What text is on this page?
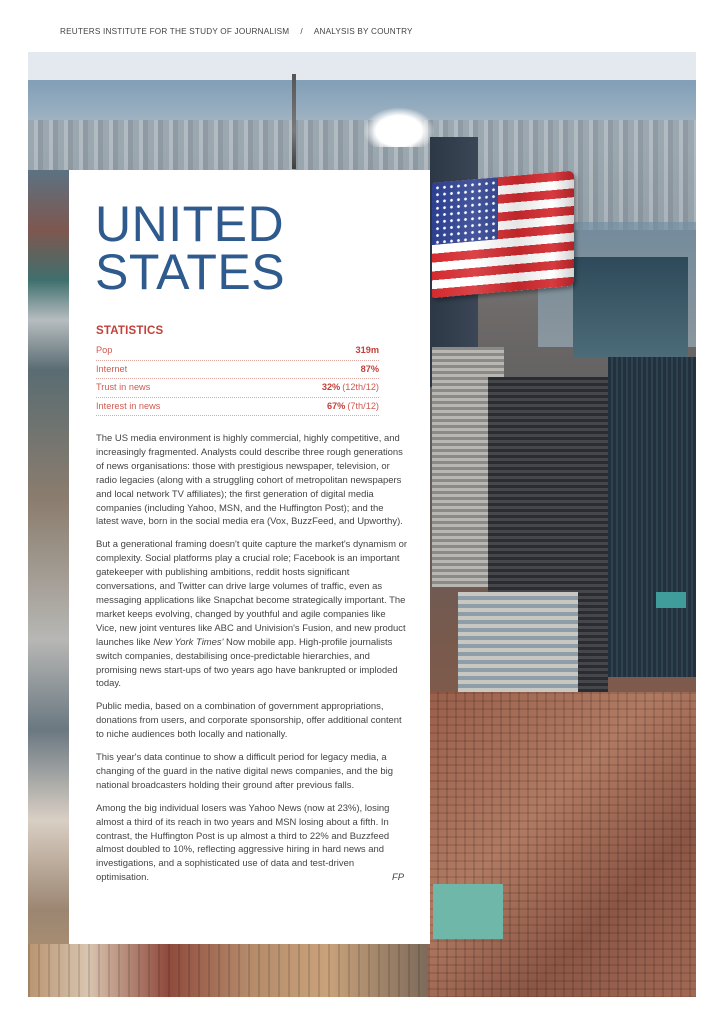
REUTERS INSTITUTE FOR THE STUDY OF JOURNALISM / ANALYSIS BY COUNTRY
UNITED
STATES
STATISTICS
Pop	319m
Internet	87%
Trust in news	32% (12th/12)
Interest in news	67% (7th/12)

The US media environment is highly commercial, highly competitive, and increasingly fragmented. Analysts could describe three rough generations of news organisations: those with prestigious newspaper, television, or radio legacies (along with a struggling cohort of metropolitan newspapers and local network TV affiliates); the first generation of digital media companies (including Yahoo, MSN, and the Huffington Post); and the latest wave, born in the social media era (Vox, BuzzFeed, and Upworthy).

But a generational framing doesn't quite capture the market's dynamism or complexity. Social platforms play a crucial role; Facebook is an important gatekeeper with publishing ambitions, reddit hosts significant conversations, and Twitter can drive large volumes of traffic, even as messaging applications like Snapchat become strategically important. The market keeps evolving, changed by youthful and agile companies like Vice, new joint ventures like ABC and Univision's Fusion, and new product launches like New York Times' Now mobile app. High-profile journalists switch companies, destabilising once-predictable hierarchies, and promising news start-ups of two years ago have bankrupted or imploded today.

Public media, based on a combination of government appropriations, donations from users, and corporate sponsorship, offer additional content to niche audiences both locally and nationally.

This year's data continue to show a difficult period for legacy media, a changing of the guard in the native digital news companies, and the big national broadcasters holding their ground after previous falls.

Among the big individual losers was Yahoo News (now at 23%), losing almost a third of its reach in two years and MSN losing about a fifth. In contrast, the Huffington Post is up almost a third to 22% and Buzzfeed almost doubled to 10%, reflecting aggressive hiring in hard news and investigations, and a sophisticated use of data and test-driven optimisation.	FP
